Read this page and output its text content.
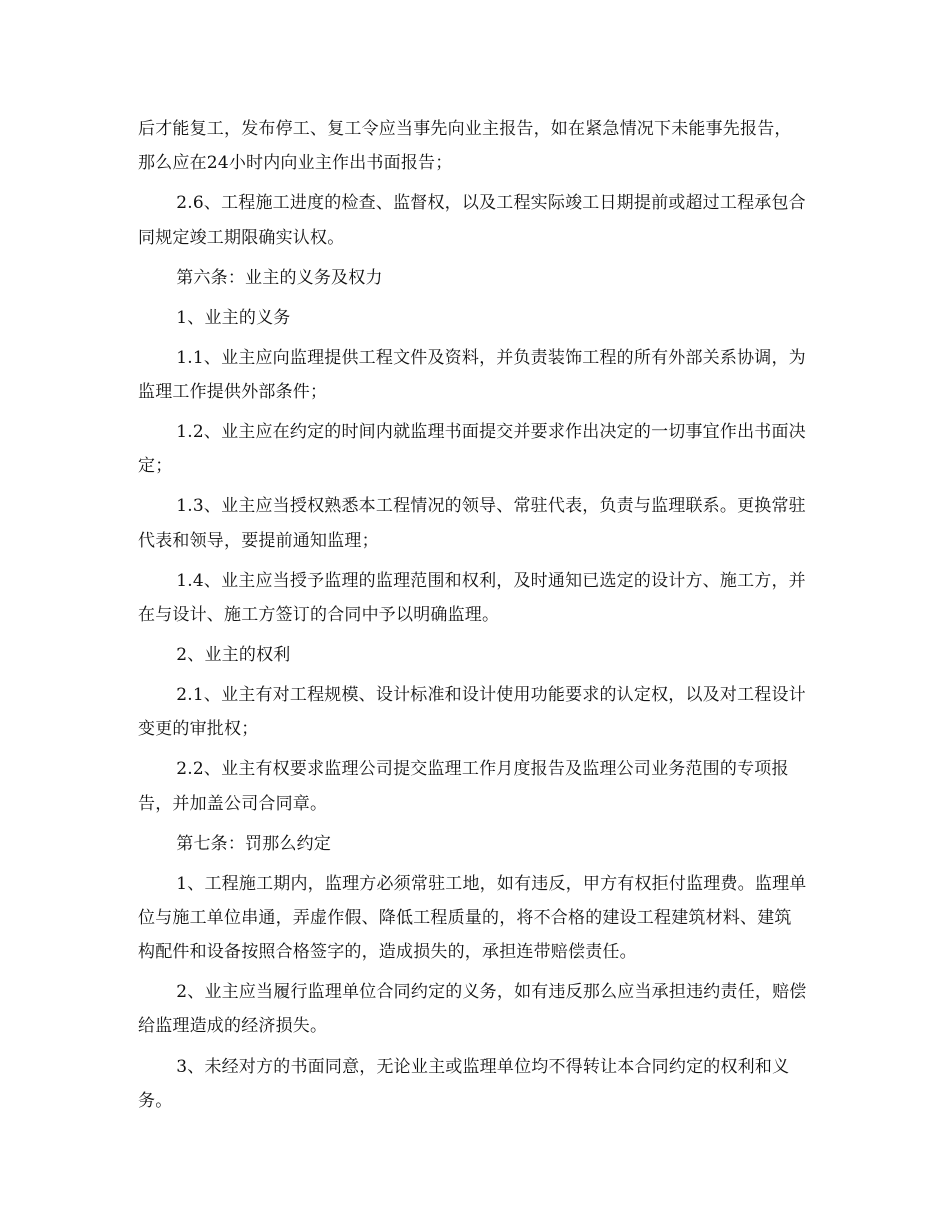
后才能复工，发布停工、复工令应当事先向业主报告，如在紧急情况下未能事先报告，那么应在24小时内向业主作出书面报告；

2.6、工程施工进度的检查、监督权，以及工程实际竣工日期提前或超过工程承包合同规定竣工期限确实认权。

第六条：业主的义务及权力

1、业主的义务

1.1、业主应向监理提供工程文件及资料，并负责装饰工程的所有外部关系协调，为监理工作提供外部条件；

1.2、业主应在约定的时间内就监理书面提交并要求作出决定的一切事宜作出书面决定；

1.3、业主应当授权熟悉本工程情况的领导、常驻代表，负责与监理联系。更换常驻代表和领导，要提前通知监理；

1.4、业主应当授予监理的监理范围和权利，及时通知已选定的设计方、施工方，并在与设计、施工方签订的合同中予以明确监理。

2、业主的权利

2.1、业主有对工程规模、设计标准和设计使用功能要求的认定权，以及对工程设计变更的审批权；

2.2、业主有权要求监理公司提交监理工作月度报告及监理公司业务范围的专项报告，并加盖公司合同章。

第七条：罚那么约定

1、工程施工期内，监理方必须常驻工地，如有违反，甲方有权拒付监理费。监理单位与施工单位串通，弄虚作假、降低工程质量的，将不合格的建设工程建筑材料、建筑构配件和设备按照合格签字的，造成损失的，承担连带赔偿责任。

2、业主应当履行监理单位合同约定的义务，如有违反那么应当承担违约责任，赔偿给监理造成的经济损失。

3、未经对方的书面同意，无论业主或监理单位均不得转让本合同约定的权利和义务。
